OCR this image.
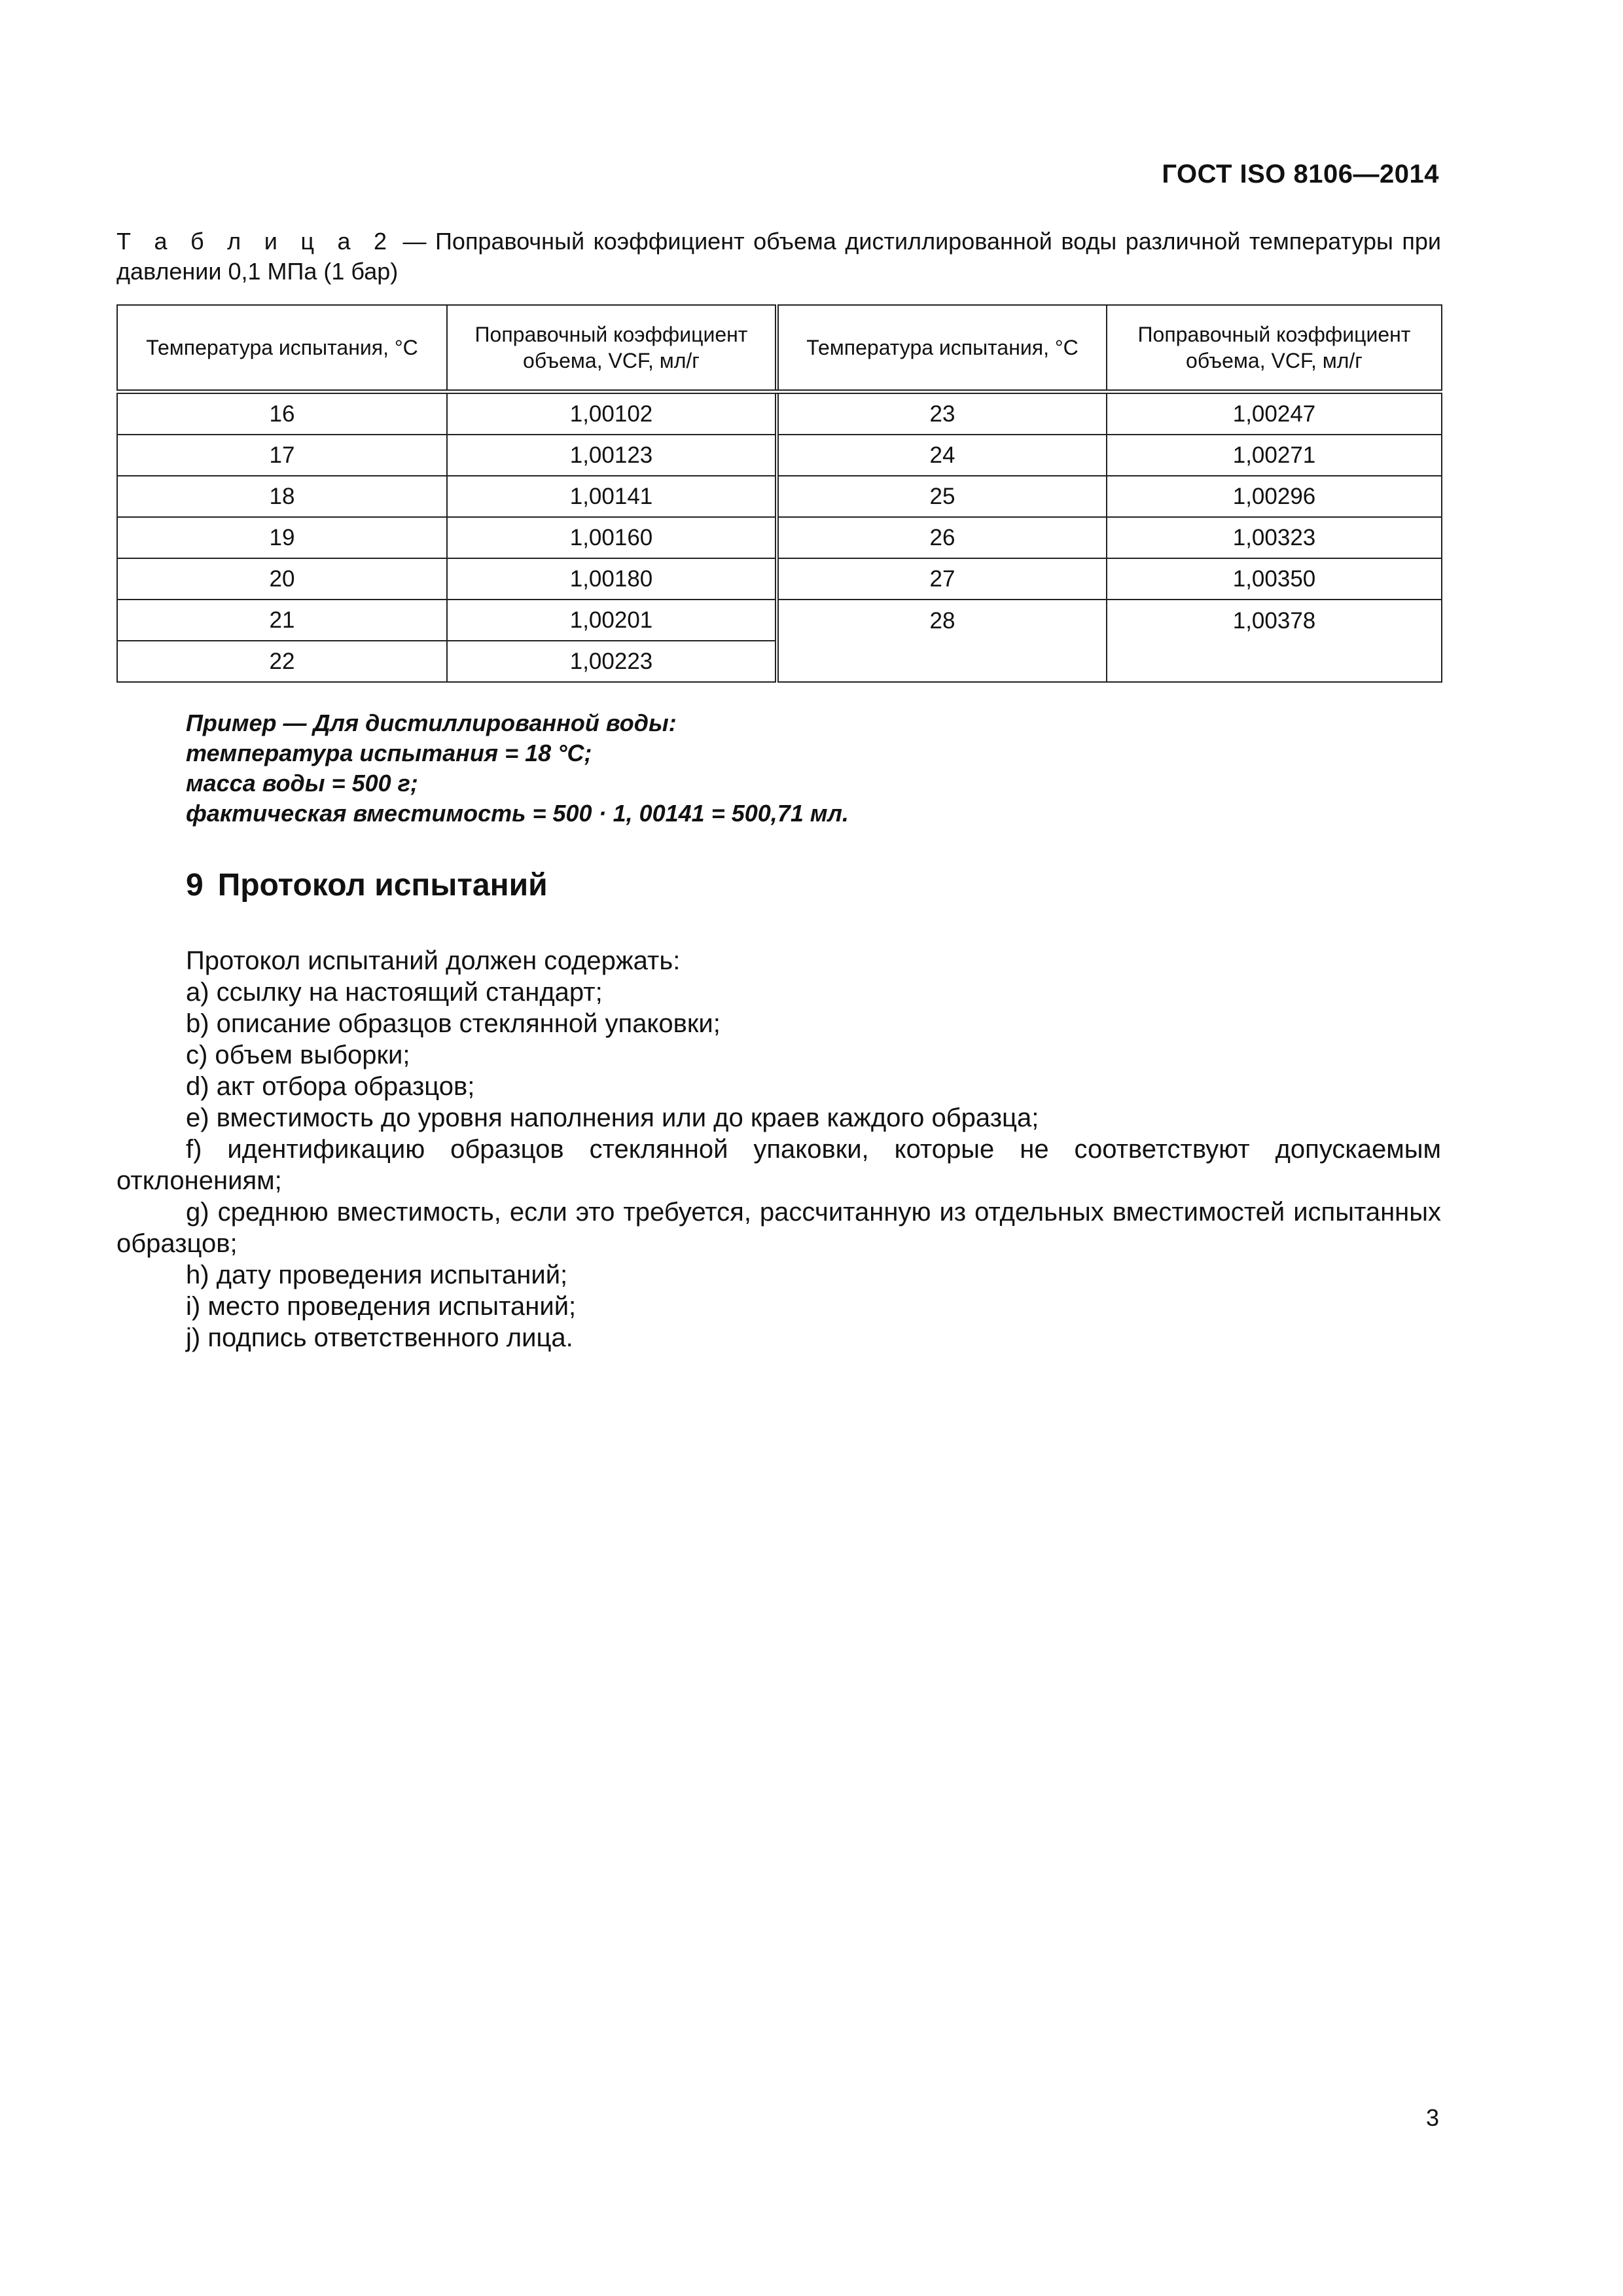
ГОСТ ISO 8106—2014
Т а б л и ц а 2 — Поправочный коэффициент объема дистиллированной воды различной температуры при давлении 0,1 МПа (1 бар)
Температура испытания, °С	Поправочный коэффициент объема, VCF, мл/г	Температура испытания, °С	Поправочный коэффициент объема, VCF, мл/г
16	1,00102	23	1,00247
17	1,00123	24	1,00271
18	1,00141	25	1,00296
19	1,00160	26	1,00323
20	1,00180	27	1,00350
21	1,00201	28	1,00378
22	1,00223		
Пример — Для дистиллированной воды:
температура испытания = 18 °С;
масса воды = 500 г;
фактическая вместимость = 500 · 1, 00141 = 500,71 мл.
9 Протокол испытаний

Протокол испытаний должен содержать:

a) ссылку на настоящий стандарт;

b) описание образцов стеклянной упаковки;

c) объем выборки;

d) акт отбора образцов;

e) вместимость до уровня наполнения или до краев каждого образца;

f) идентификацию образцов стеклянной упаковки, которые не соответствуют допускаемым отклонениям;

g) среднюю вместимость, если это требуется, рассчитанную из отдельных вместимостей испытанных образцов;

h) дату проведения испытаний;

i) место проведения испытаний;

j) подпись ответственного лица.

3
